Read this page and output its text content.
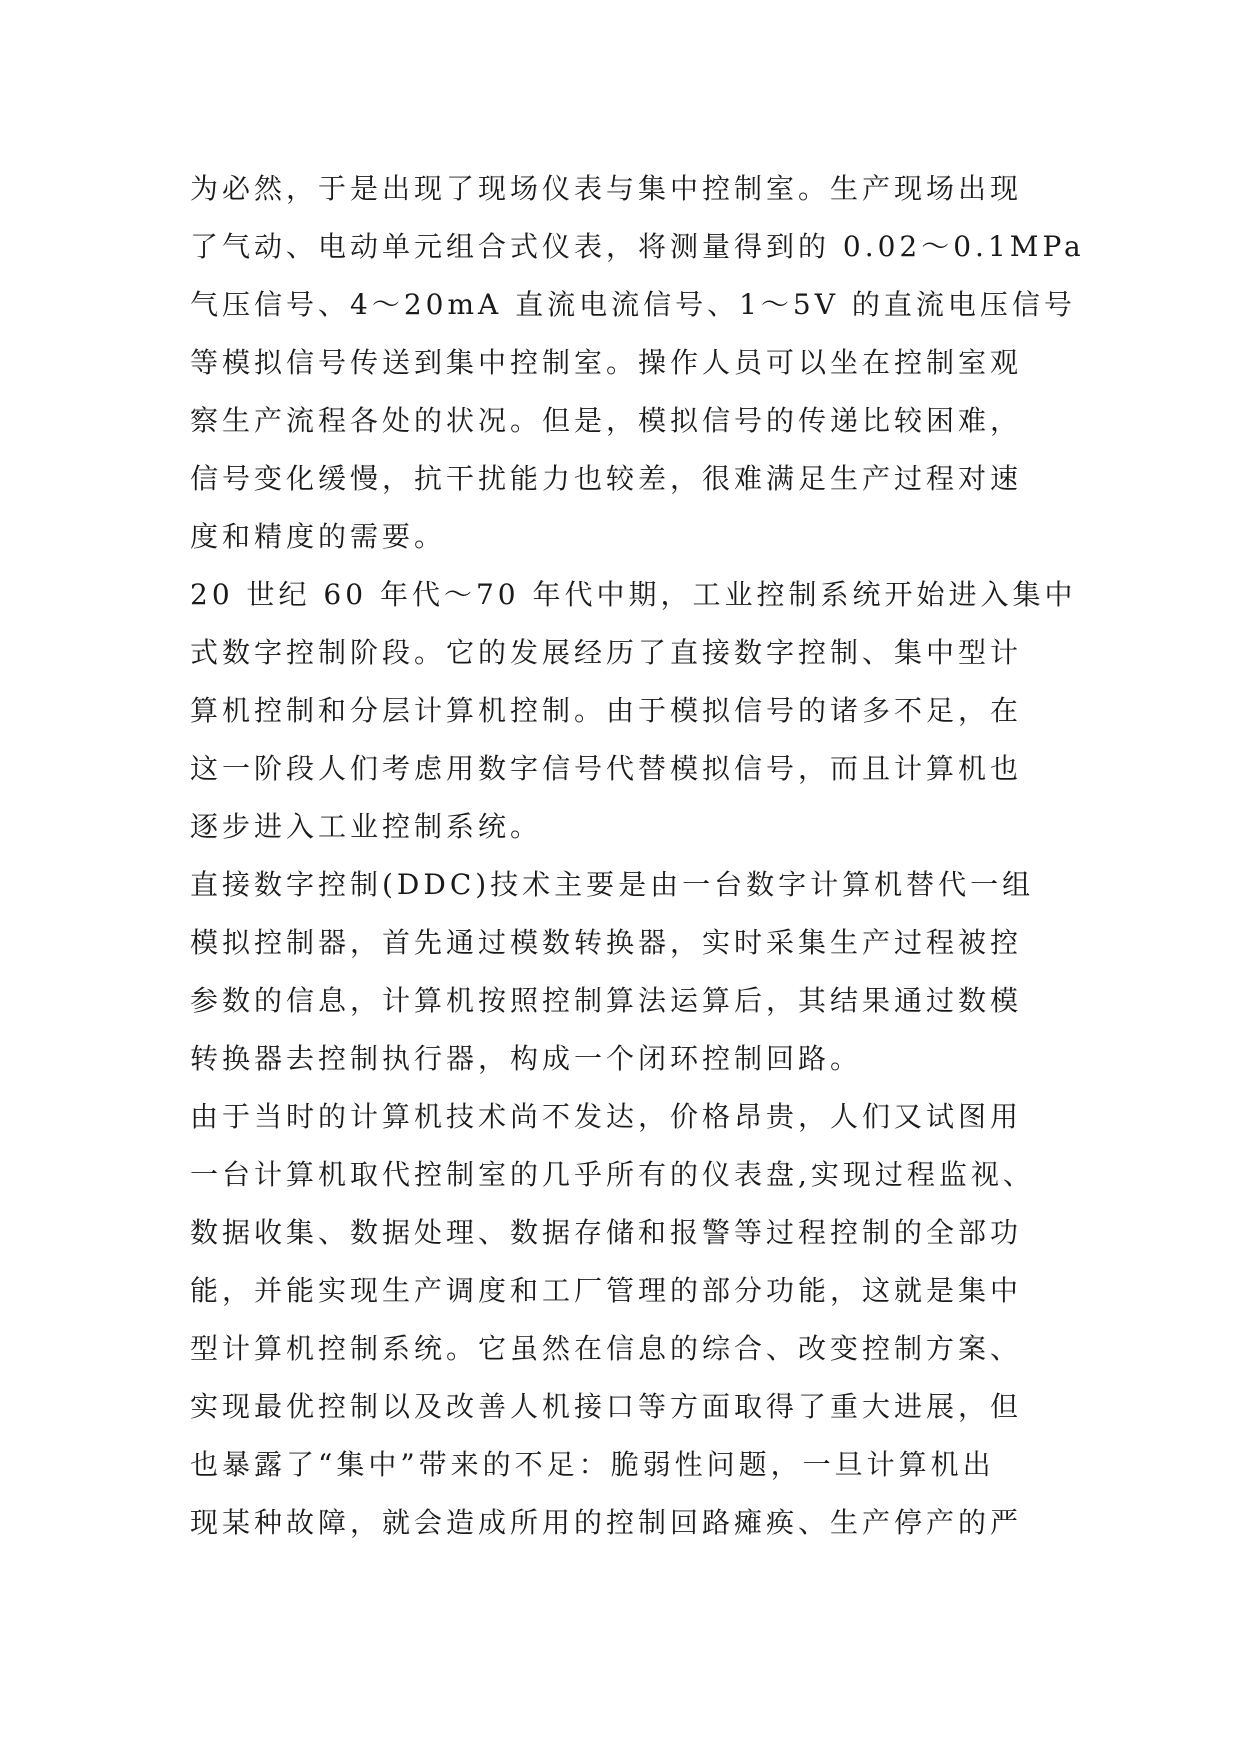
为必然，于是出现了现场仪表与集中控制室。生产现场出现
了气动、电动单元组合式仪表，将测量得到的 0.02～0.1MPa
气压信号、4～20mA 直流电流信号、1～5V 的直流电压信号
等模拟信号传送到集中控制室。操作人员可以坐在控制室观
察生产流程各处的状况。但是，模拟信号的传递比较困难，
信号变化缓慢，抗干扰能力也较差，很难满足生产过程对速
度和精度的需要。
20 世纪 60 年代～70 年代中期，工业控制系统开始进入集中
式数字控制阶段。它的发展经历了直接数字控制、集中型计
算机控制和分层计算机控制。由于模拟信号的诸多不足，在
这一阶段人们考虑用数字信号代替模拟信号，而且计算机也
逐步进入工业控制系统。
直接数字控制(DDC)技术主要是由一台数字计算机替代一组
模拟控制器，首先通过模数转换器，实时采集生产过程被控
参数的信息，计算机按照控制算法运算后，其结果通过数模
转换器去控制执行器，构成一个闭环控制回路。
由于当时的计算机技术尚不发达，价格昂贵，人们又试图用
一台计算机取代控制室的几乎所有的仪表盘,实现过程监视、
数据收集、数据处理、数据存储和报警等过程控制的全部功
能，并能实现生产调度和工厂管理的部分功能，这就是集中
型计算机控制系统。它虽然在信息的综合、改变控制方案、
实现最优控制以及改善人机接口等方面取得了重大进展，但
也暴露了“集中”带来的不足：脆弱性问题，一旦计算机出
现某种故障，就会造成所用的控制回路瘫痪、生产停产的严
